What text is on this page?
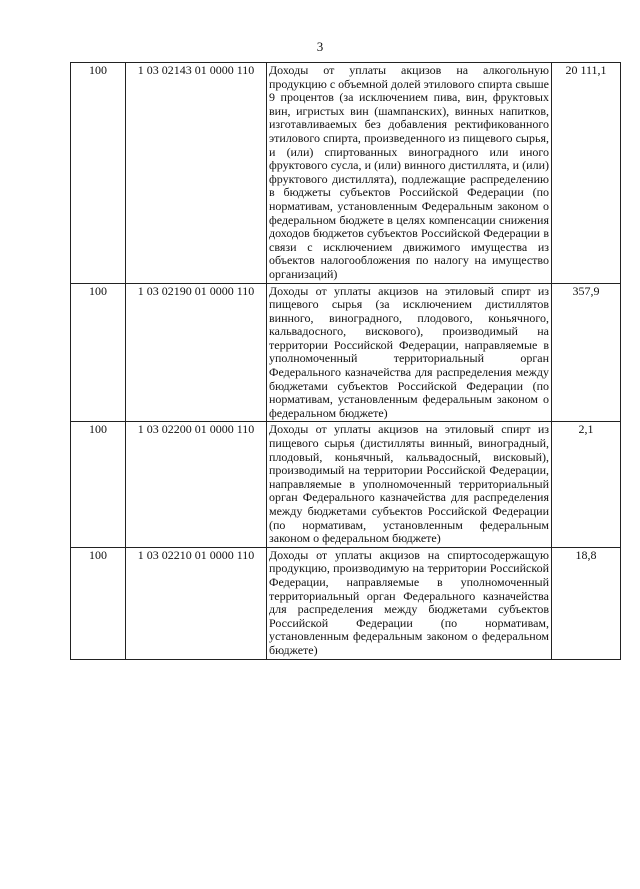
3
100	1 03 02143 01 0000 110	Доходы от уплаты акцизов на алкогольную продукцию с объемной долей этилового спирта свыше 9 процентов (за исключением пива, вин, фруктовых вин, игристых вин (шампанских), винных напитков, изготавливаемых без добавления ректификованного этилового спирта, произведенного из пищевого сырья, и (или) спиртованных виноградного или иного фруктового сусла, и (или) винного дистиллята, и (или) фруктового дистиллята), подлежащие распределению в бюджеты субъектов Российской Федерации (по нормативам, установленным Федеральным законом о федеральном бюджете в целях компенсации снижения доходов бюджетов субъектов Российской Федерации в связи с исключением движимого имущества из объектов налогообложения по налогу на имущество организаций)	20 111,1
100	1 03 02190 01 0000 110	Доходы от уплаты акцизов на этиловый спирт из пищевого сырья (за исключением дистиллятов винного, виноградного, плодового, коньячного, кальвадосного, вискового), производимый на территории Российской Федерации, направляемые в уполномоченный территориальный орган Федерального казначейства для распределения между бюджетами субъектов Российской Федерации (по нормативам, установленным федеральным законом о федеральном бюджете)	357,9
100	1 03 02200 01 0000 110	Доходы от уплаты акцизов на этиловый спирт из пищевого сырья (дистилляты винный, виноградный, плодовый, коньячный, кальвадосный, висковый), производимый на территории Российской Федерации, направляемые в уполномоченный территориальный орган Федерального казначейства для распределения между бюджетами субъектов Российской Федерации (по нормативам, установленным федеральным законом о федеральном бюджете)	2,1
100	1 03 02210 01 0000 110	Доходы от уплаты акцизов на спиртосодержащую продукцию, производимую на территории Российской Федерации, направляемые в уполномоченный территориальный орган Федерального казначейства для распределения между бюджетами субъектов Российской Федерации (по нормативам, установленным федеральным законом о федеральном бюджете)	18,8
